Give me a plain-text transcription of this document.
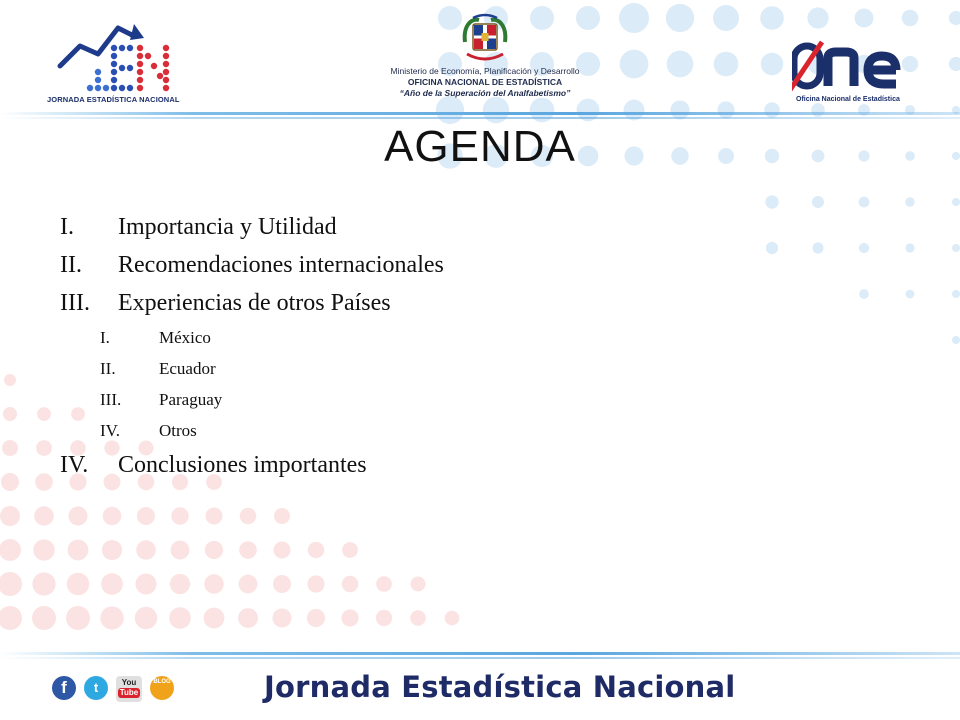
JORNADA ESTADÍSTICA NACIONAL
Ministerio de Economía, Planificación y Desarrollo
OFICINA NACIONAL DE ESTADÍSTICA
“Año de la Superación del Analfabetismo”
Oficina Nacional de Estadística
AGENDA
I.	Importancia y Utilidad
II.	Recomendaciones internacionales
III.	Experiencias de otros Países
I.	México
II.	Ecuador
III.	Paraguay
IV.	Otros
IV.	Conclusiones importantes
f	t	You
Tube
BLOG	Jornada Estadística Nacional
